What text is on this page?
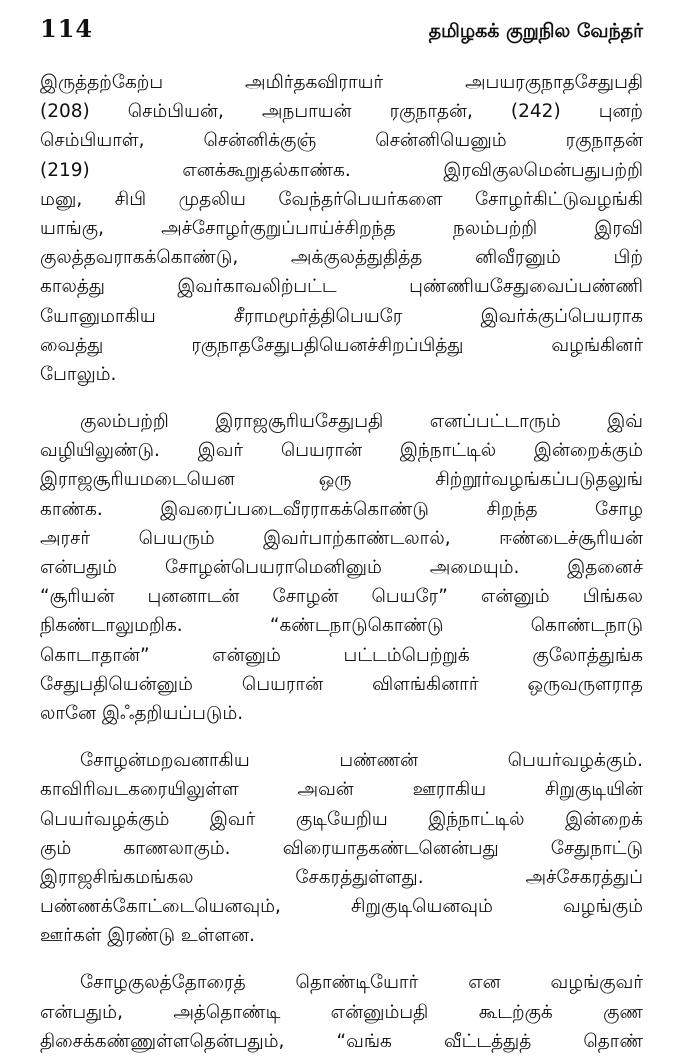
114	தமிழகக் குறுநில வேந்தர்
இருத்தற்கேற்ப அமிர்தகவிராயர் அபயரகுநாதசேதுபதி
(208) செம்பியன், அநபாயன் ரகுநாதன், (242) புனற்
செம்பியாள், சென்னிக்குஞ் சென்னியெனும் ரகுநாதன்
(219) எனக்கூறுதல்காண்க. இரவிகுலமென்பதுபற்றி
மனு, சிபி முதலிய வேந்தர்பெயர்களை சோழர்கிட்டுவழங்கி
யாங்கு, அச்சோழர்குறுப்பாய்ச்சிறந்த நலம்பற்றி இரவி
குலத்தவராகக்கொண்டு, அக்குலத்துதித்த னிவீரனும் பிற்
காலத்து இவர்காவலிற்பட்ட புண்ணியசேதுவைப்பண்ணி
யோனுமாகிய சீராமமூர்த்திபெயரே இவர்க்குப்பெயராக
வைத்து ரகுநாதசேதுபதியெனச்சிறப்பித்து வழங்கினர்
போலும்.
குலம்பற்றி இராஜசூரியசேதுபதி எனப்பட்டாரும் இவ்
வழியிலுண்டு. இவர் பெயரான் இந்நாட்டில் இன்றைக்கும்
இராஜசூரியமடையென ஒரு சிற்றூர்வழங்கப்படுதலுங்
காண்க. இவரைப்படைவீரராகக்கொண்டு சிறந்த சோழ
அரசர் பெயரும் இவர்பாற்காண்டலால், ஈண்டைச்சூரியன்
என்பதும் சோழன்பெயராமெனினும் அமையும். இதனைச்
“சூரியன் புனனாடன் சோழன் பெயரே” என்னும் பிங்கல
நிகண்டாலுமறிக. “கண்டநாடுகொண்டு கொண்டநாடு
கொடாதான்” என்னும் பட்டம்பெற்றுக் குலோத்துங்க
சேதுபதியென்னும் பெயரான் விளங்கினார் ஒருவருளராத
லானே இஃதறியப்படும்.
சோழன்மறவனாகிய பண்ணன் பெயர்வழக்கும்.
காவிரிவடகரையிலுள்ள அவன் ஊராகிய சிறுகுடியின்
பெயர்வழக்கும் இவர் குடியேறிய இந்நாட்டில் இன்றைக்
கும் காணலாகும். விரையாதகண்டனென்பது சேதுநாட்டு
இராஜசிங்கமங்கல சேகரத்துள்ளது. அச்சேகரத்துப்
பண்ணக்கோட்டையெனவும், சிறுகுடியெனவும் வழங்கும்
ஊர்கள் இரண்டு உள்ளன.
சோழகுலத்தோரைத் தொண்டியோர் என வழங்குவர்
என்பதும், அத்தொண்டி என்னும்பதி கூடற்குக் குண
திசைக்கண்ணுள்ளதென்பதும், “வங்க வீட்டத்துத் தொண்
